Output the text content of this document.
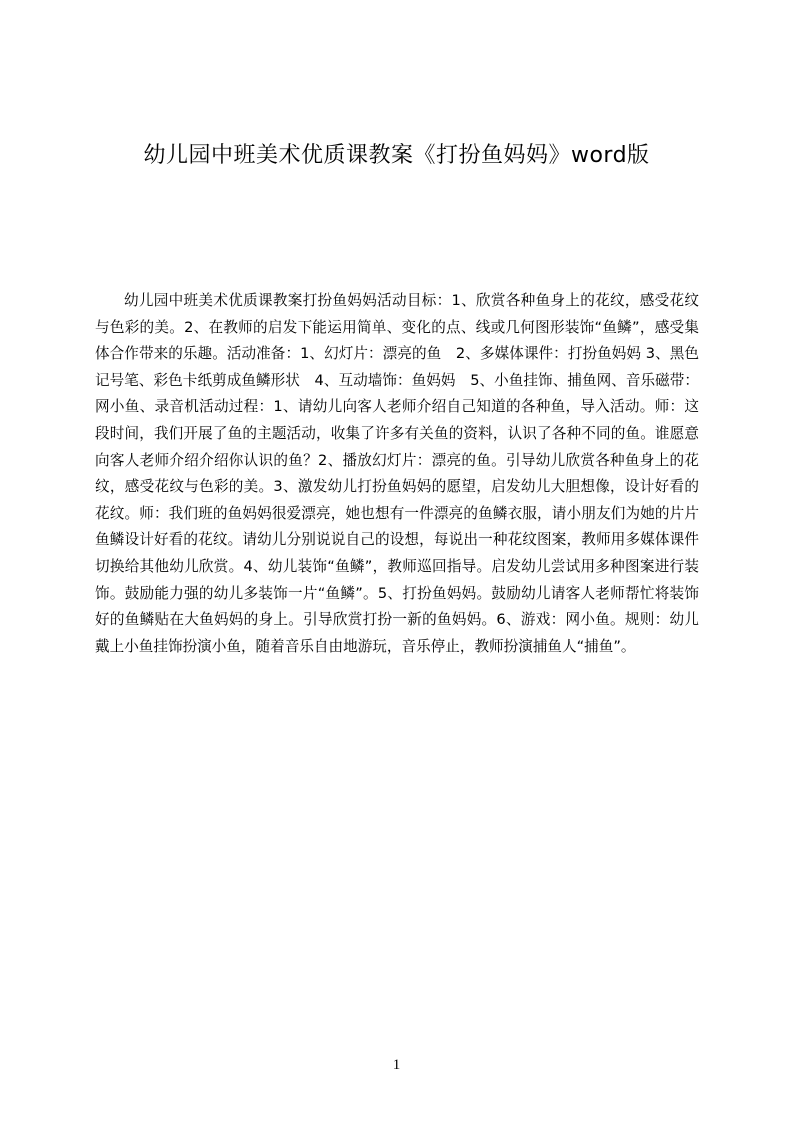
幼儿园中班美术优质课教案《打扮鱼妈妈》word版
幼儿园中班美术优质课教案打扮鱼妈妈活动目标：1、欣赏各种鱼身上的花纹，感受花纹与色彩的美。2、在教师的启发下能运用简单、变化的点、线或几何图形装饰“鱼鳞”，感受集体合作带来的乐趣。活动准备：1、幻灯片：漂亮的鱼　2、多媒体课件：打扮鱼妈妈 3、黑色记号笔、彩色卡纸剪成鱼鳞形状　4、互动墙饰：鱼妈妈　5、小鱼挂饰、捕鱼网、音乐磁带：网小鱼、录音机活动过程：1、请幼儿向客人老师介绍自己知道的各种鱼，导入活动。师：这段时间，我们开展了鱼的主题活动，收集了许多有关鱼的资料，认识了各种不同的鱼。谁愿意向客人老师介绍介绍你认识的鱼？2、播放幻灯片：漂亮的鱼。引导幼儿欣赏各种鱼身上的花纹，感受花纹与色彩的美。3、激发幼儿打扮鱼妈妈的愿望，启发幼儿大胆想像，设计好看的花纹。师：我们班的鱼妈妈很爱漂亮，她也想有一件漂亮的鱼鳞衣服，请小朋友们为她的片片鱼鳞设计好看的花纹。请幼儿分别说说自己的设想，每说出一种花纹图案，教师用多媒体课件切换给其他幼儿欣赏。4、幼儿装饰“鱼鳞”，教师巡回指导。启发幼儿尝试用多种图案进行装饰。鼓励能力强的幼儿多装饰一片“鱼鳞”。5、打扮鱼妈妈。鼓励幼儿请客人老师帮忙将装饰好的鱼鳞贴在大鱼妈妈的身上。引导欣赏打扮一新的鱼妈妈。6、游戏：网小鱼。规则：幼儿戴上小鱼挂饰扮演小鱼，随着音乐自由地游玩，音乐停止，教师扮演捕鱼人“捕鱼”。
1
